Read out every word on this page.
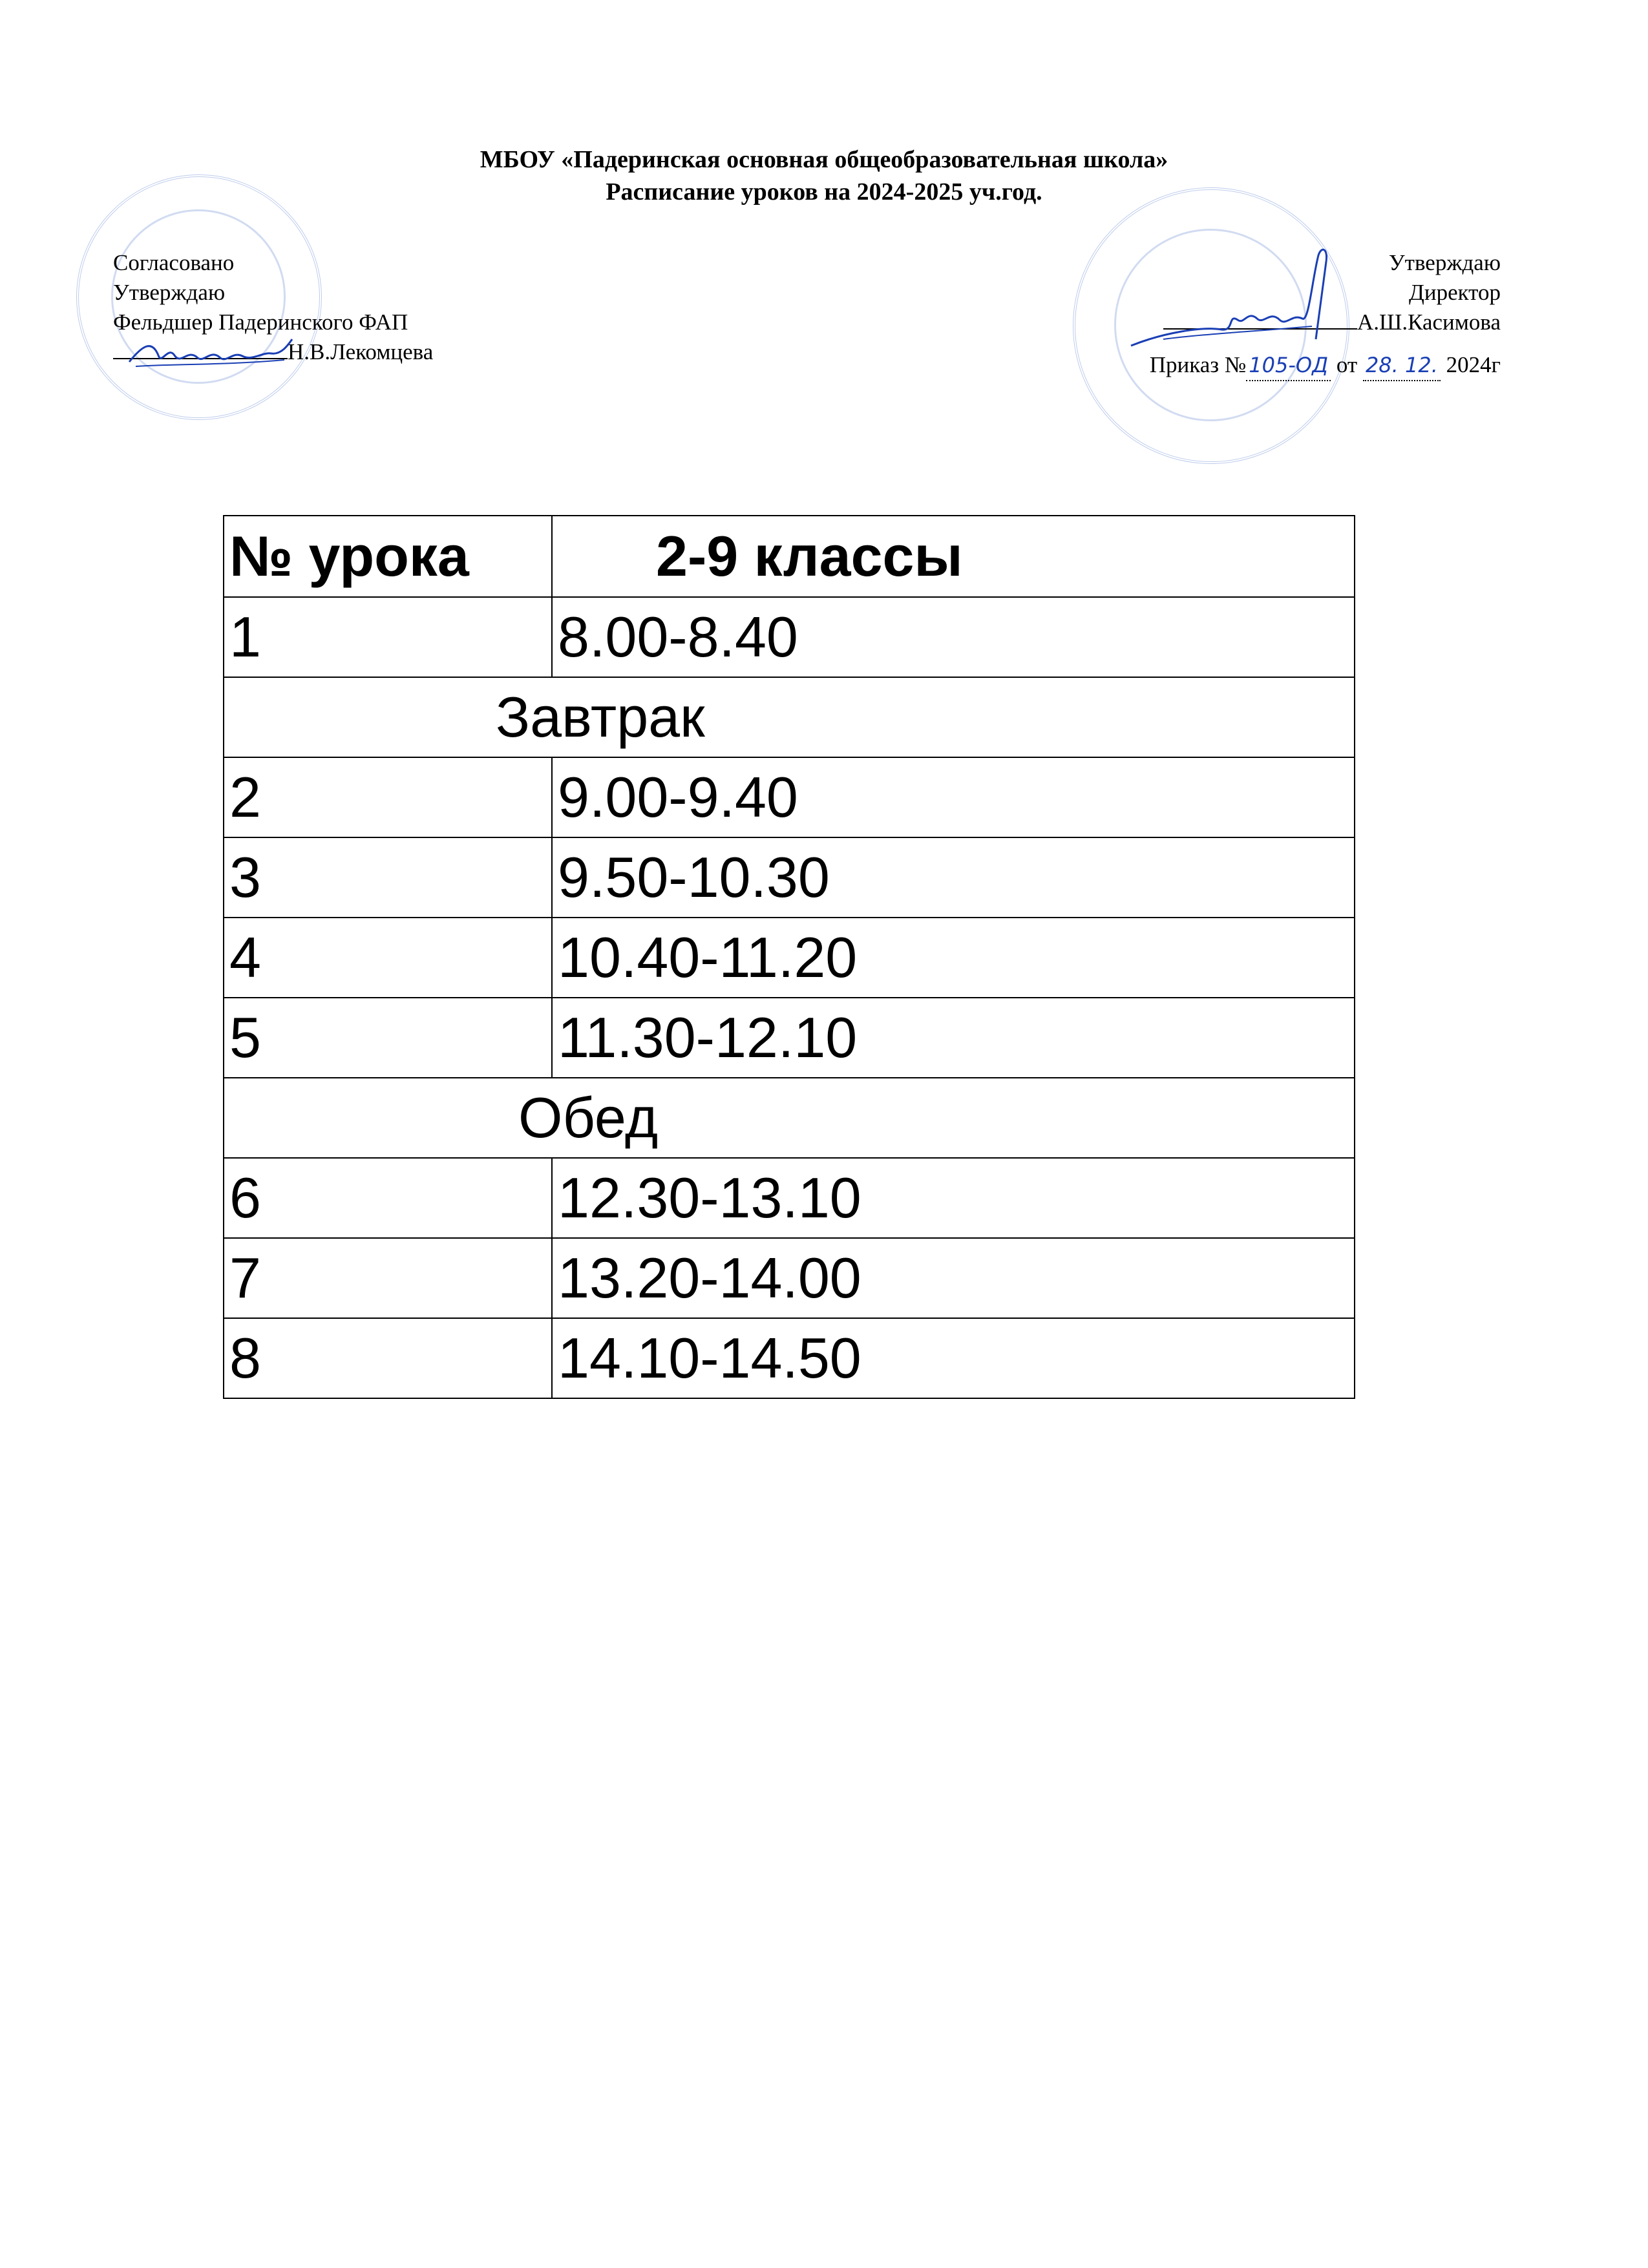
МБОУ «Падеринская основная общеобразовательная школа»
Расписание уроков на 2024-2025 уч.год.
Согласовано
Утверждаю
Фельдшер Падеринского ФАП
Н.В.Лекомцева
Утверждаю
Директор
А.Ш.Касимова
Приказ № 105-ОД от 28. 12. 2024г
№ урока	2-9 классы
1	8.00-8.40
Завтрак	
2	9.00-9.40
3	9.50-10.30
4	10.40-11.20
5	11.30-12.10
Обед	
6	12.30-13.10
7	13.20-14.00
8	14.10-14.50
